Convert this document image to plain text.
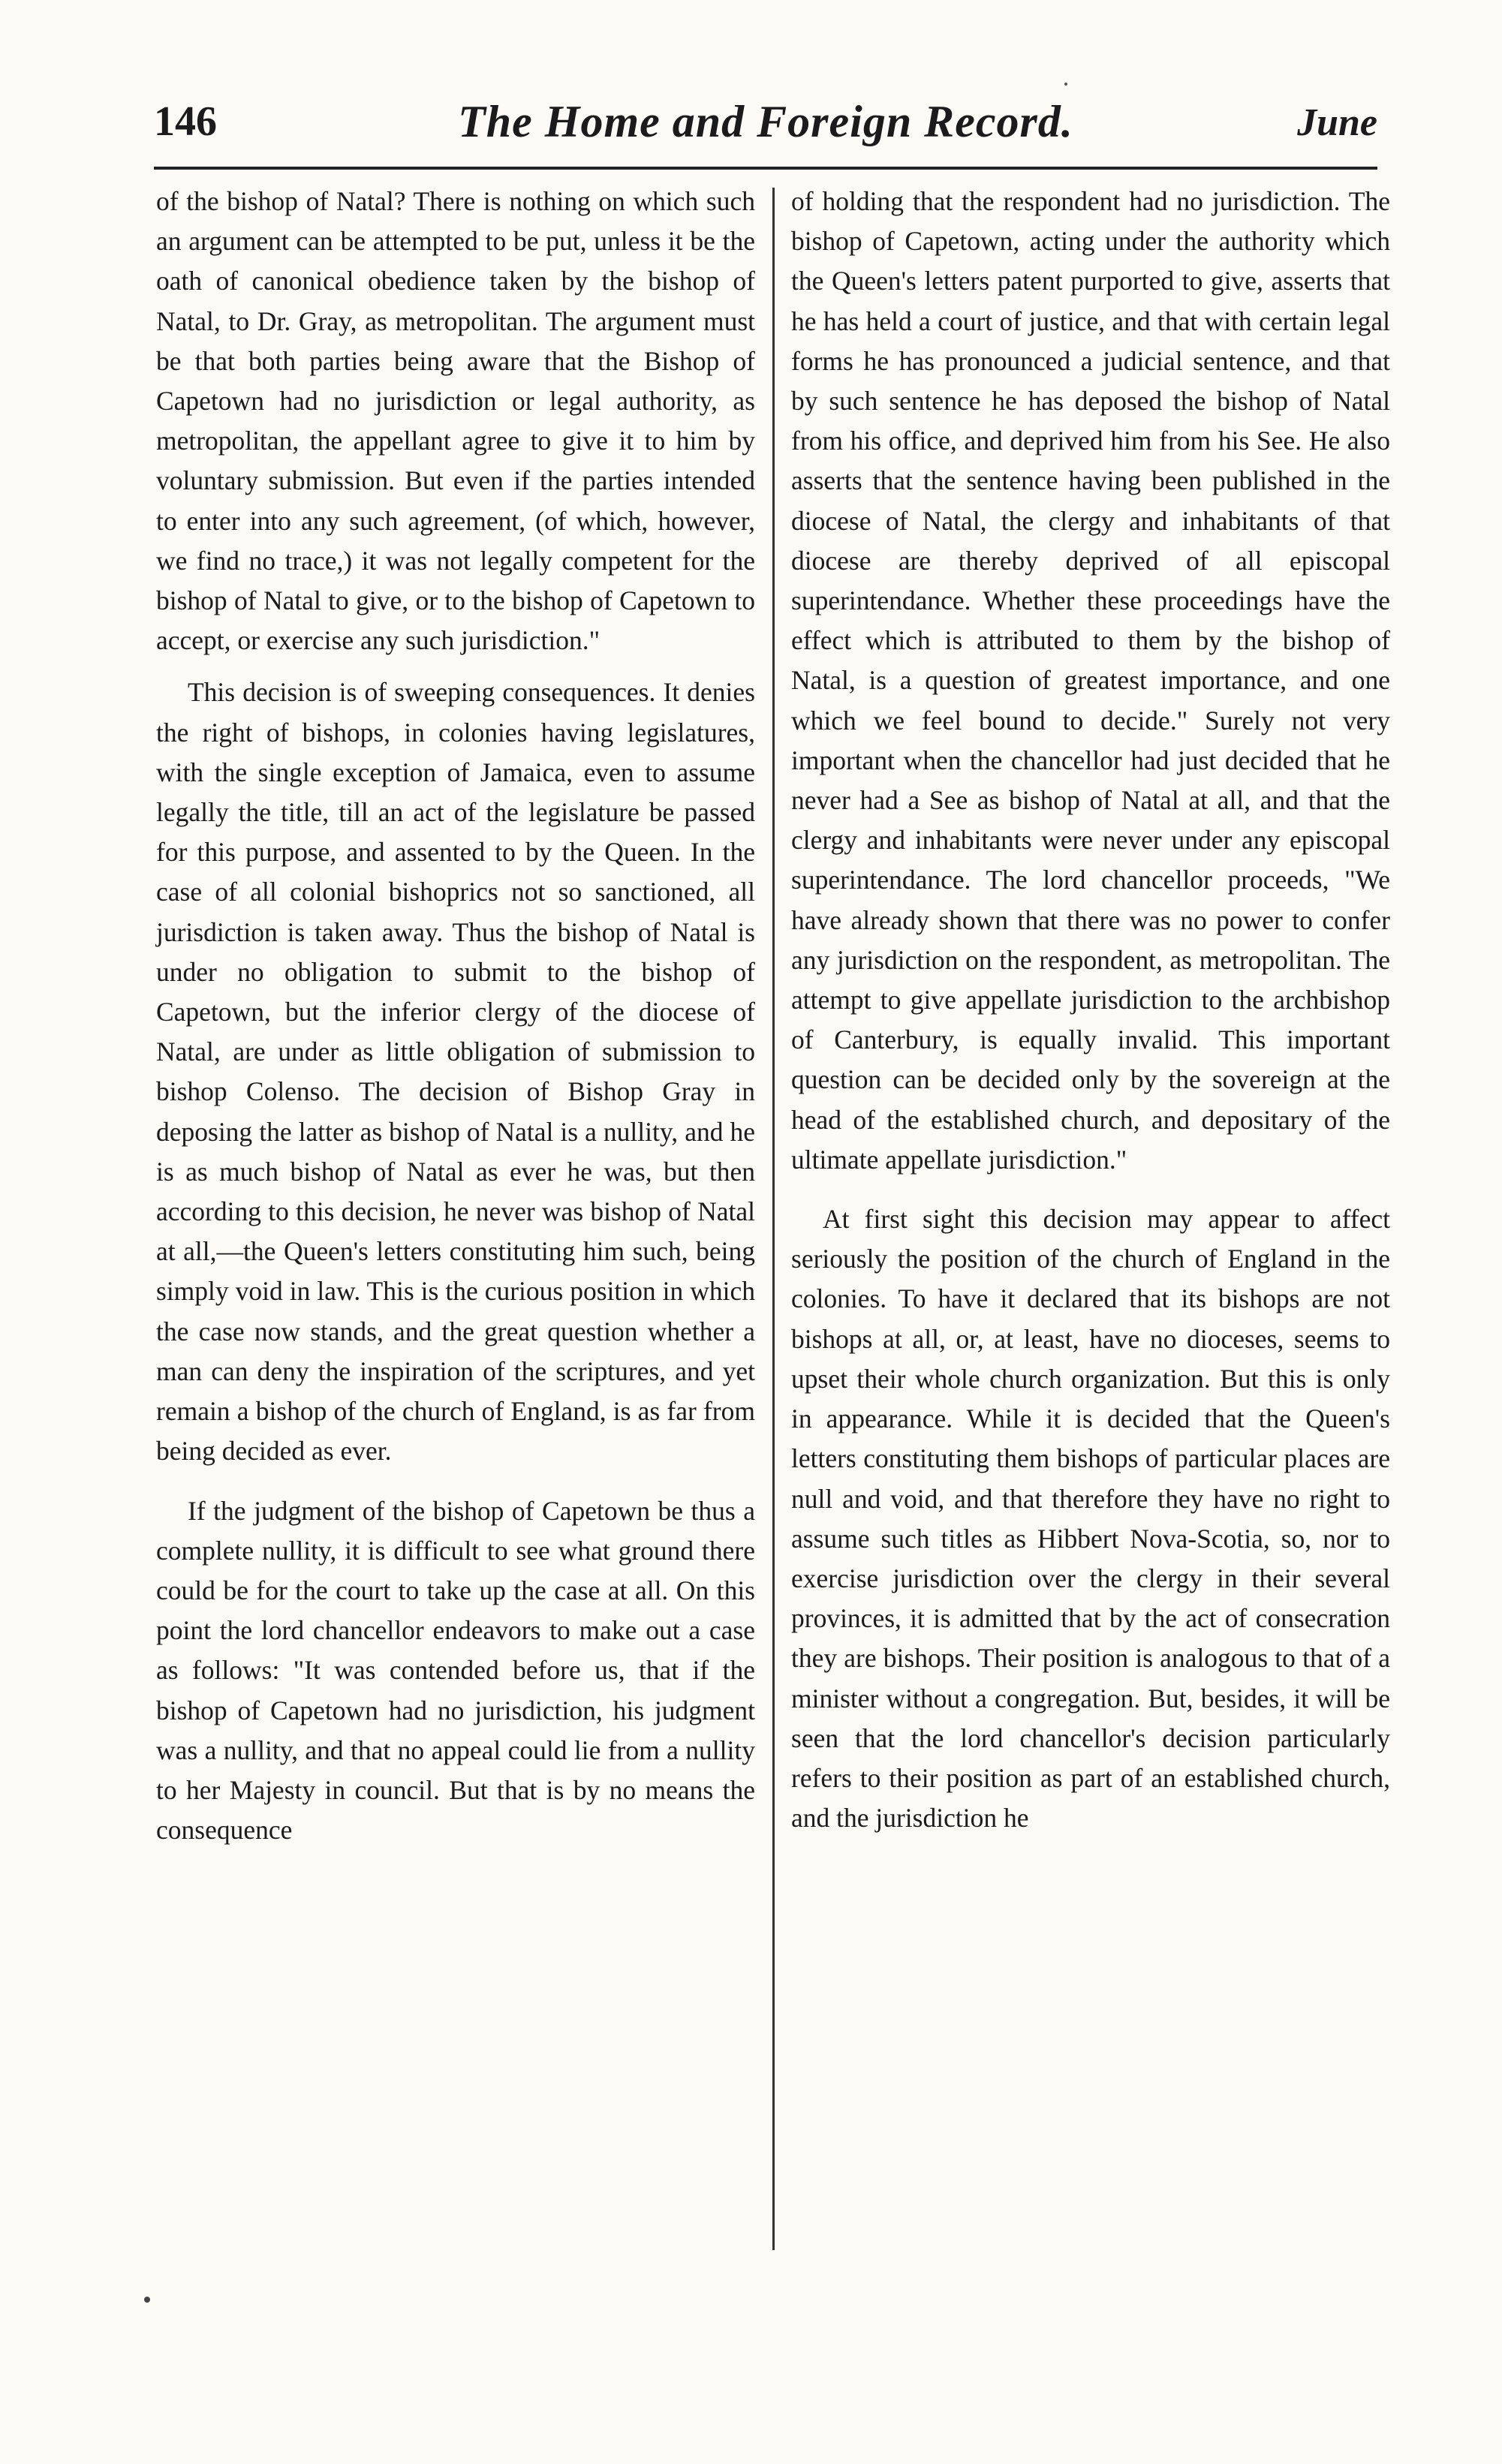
146	The Home and Foreign Record.	June

of the bishop of Natal? There is nothing on which such an argument can be attempted to be put, unless it be the oath of canonical obedience taken by the bishop of Natal, to Dr. Gray, as metropolitan. The argument must be that both parties being aware that the Bishop of Capetown had no jurisdiction or legal authority, as metropolitan, the appellant agree to give it to him by voluntary submission. But even if the parties intended to enter into any such agreement, (of which, however, we find no trace,) it was not legally competent for the bishop of Natal to give, or to the bishop of Capetown to accept, or exercise any such jurisdiction."

This decision is of sweeping consequences. It denies the right of bishops, in colonies having legislatures, with the single exception of Jamaica, even to assume legally the title, till an act of the legislature be passed for this purpose, and assented to by the Queen. In the case of all colonial bishoprics not so sanctioned, all jurisdiction is taken away. Thus the bishop of Natal is under no obligation to submit to the bishop of Capetown, but the inferior clergy of the diocese of Natal, are under as little obligation of submission to bishop Colenso. The decision of Bishop Gray in deposing the latter as bishop of Natal is a nullity, and he is as much bishop of Natal as ever he was, but then according to this decision, he never was bishop of Natal at all,—the Queen's letters constituting him such, being simply void in law. This is the curious position in which the case now stands, and the great question whether a man can deny the inspiration of the scriptures, and yet remain a bishop of the church of England, is as far from being decided as ever.

If the judgment of the bishop of Capetown be thus a complete nullity, it is difficult to see what ground there could be for the court to take up the case at all. On this point the lord chancellor endeavors to make out a case as follows: "It was contended before us, that if the bishop of Capetown had no jurisdiction, his judgment was a nullity, and that no appeal could lie from a nullity to her Majesty in council. But that is by no means the consequence

of holding that the respondent had no jurisdiction. The bishop of Capetown, acting under the authority which the Queen's letters patent purported to give, asserts that he has held a court of justice, and that with certain legal forms he has pronounced a judicial sentence, and that by such sentence he has deposed the bishop of Natal from his office, and deprived him from his See. He also asserts that the sentence having been published in the diocese of Natal, the clergy and inhabitants of that diocese are thereby deprived of all episcopal superintendance. Whether these proceedings have the effect which is attributed to them by the bishop of Natal, is a question of greatest importance, and one which we feel bound to decide." Surely not very important when the chancellor had just decided that he never had a See as bishop of Natal at all, and that the clergy and inhabitants were never under any episcopal superintendance. The lord chancellor proceeds, "We have already shown that there was no power to confer any jurisdiction on the respondent, as metropolitan. The attempt to give appellate jurisdiction to the archbishop of Canterbury, is equally invalid. This important question can be decided only by the sovereign at the head of the established church, and depositary of the ultimate appellate jurisdiction."

At first sight this decision may appear to affect seriously the position of the church of England in the colonies. To have it declared that its bishops are not bishops at all, or, at least, have no dioceses, seems to upset their whole church organization. But this is only in appearance. While it is decided that the Queen's letters constituting them bishops of particular places are null and void, and that therefore they have no right to assume such titles as Hibbert Nova-Scotia, so, nor to exercise jurisdiction over the clergy in their several provinces, it is admitted that by the act of consecration they are bishops. Their position is analogous to that of a minister without a congregation. But, besides, it will be seen that the lord chancellor's decision particularly refers to their position as part of an established church, and the jurisdiction he
